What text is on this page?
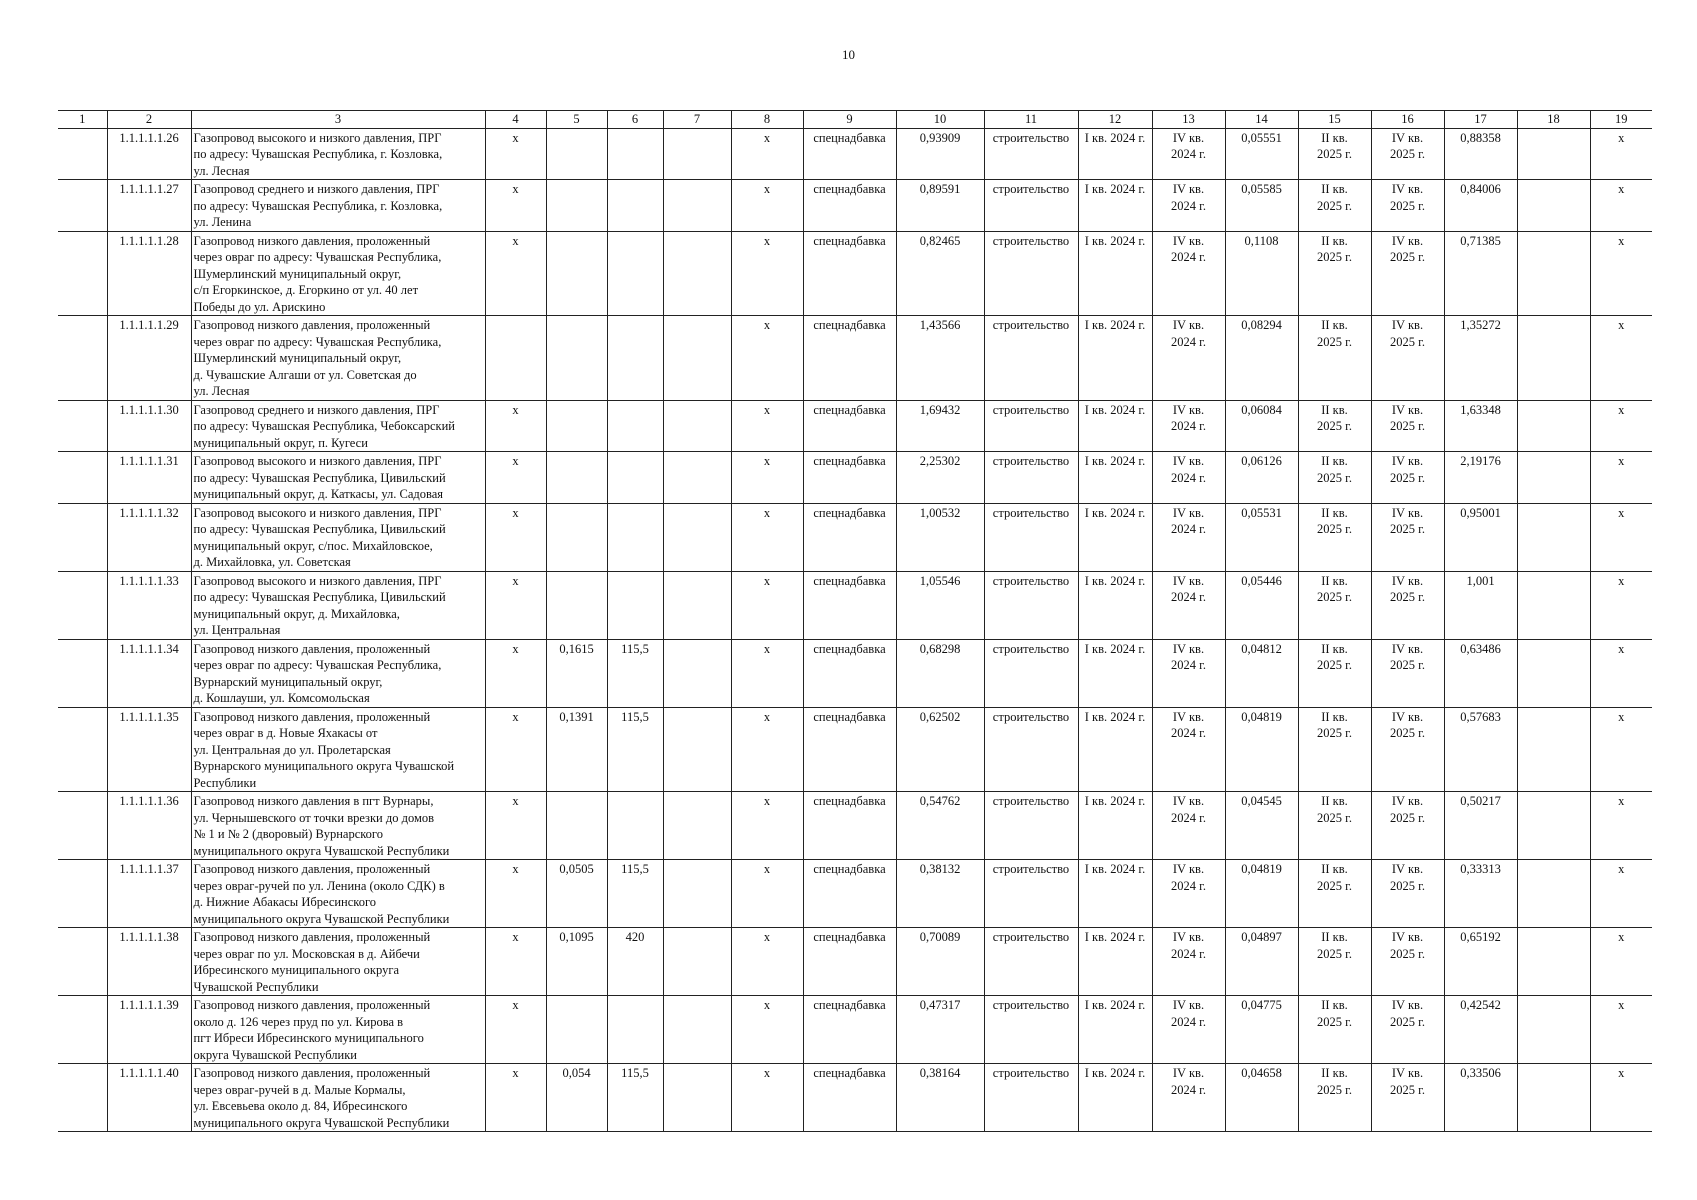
10
1	2	3	4	5	6	7	8	9	10	11	12	13	14	15	16	17	18	19
	1.1.1.1.1.26	Газопровод высокого и низкого давления, ПРГ
по адресу: Чувашская Республика, г. Козловка,
ул. Лесная	х				х	спецнадбавка	0,93909	строительство	I кв. 2024 г.	IV кв.
2024 г.	0,05551	II кв.
2025 г.	IV кв.
2025 г.	0,88358		х
	1.1.1.1.1.27	Газопровод среднего и низкого давления, ПРГ
по адресу: Чувашская Республика, г. Козловка,
ул. Ленина	х				х	спецнадбавка	0,89591	строительство	I кв. 2024 г.	IV кв.
2024 г.	0,05585	II кв.
2025 г.	IV кв.
2025 г.	0,84006		х
	1.1.1.1.1.28	Газопровод низкого давления, проложенный
через овраг по адресу: Чувашская Республика,
Шумерлинский муниципальный округ,
с/п Егоркинское, д. Егоркино от ул. 40 лет
Победы до ул. Арискино	х				х	спецнадбавка	0,82465	строительство	I кв. 2024 г.	IV кв.
2024 г.	0,1108	II кв.
2025 г.	IV кв.
2025 г.	0,71385		х
	1.1.1.1.1.29	Газопровод низкого давления, проложенный
через овраг по адресу: Чувашская Республика,
Шумерлинский муниципальный округ,
д. Чувашские Алгаши от ул. Советская до
ул. Лесная					х	спецнадбавка	1,43566	строительство	I кв. 2024 г.	IV кв.
2024 г.	0,08294	II кв.
2025 г.	IV кв.
2025 г.	1,35272		х
	1.1.1.1.1.30	Газопровод среднего и низкого давления, ПРГ
по адресу: Чувашская Республика, Чебоксарский
муниципальный округ, п. Кугеси	х				х	спецнадбавка	1,69432	строительство	I кв. 2024 г.	IV кв.
2024 г.	0,06084	II кв.
2025 г.	IV кв.
2025 г.	1,63348		х
	1.1.1.1.1.31	Газопровод высокого и низкого давления, ПРГ
по адресу: Чувашская Республика, Цивильский
муниципальный округ, д. Каткасы, ул. Садовая	х				х	спецнадбавка	2,25302	строительство	I кв. 2024 г.	IV кв.
2024 г.	0,06126	II кв.
2025 г.	IV кв.
2025 г.	2,19176		х
	1.1.1.1.1.32	Газопровод высокого и низкого давления, ПРГ
по адресу: Чувашская Республика, Цивильский
муниципальный округ, с/пос. Михайловское,
д. Михайловка, ул. Советская	х				х	спецнадбавка	1,00532	строительство	I кв. 2024 г.	IV кв.
2024 г.	0,05531	II кв.
2025 г.	IV кв.
2025 г.	0,95001		х
	1.1.1.1.1.33	Газопровод высокого и низкого давления, ПРГ
по адресу: Чувашская Республика, Цивильский
муниципальный округ, д. Михайловка,
ул. Центральная	х				х	спецнадбавка	1,05546	строительство	I кв. 2024 г.	IV кв.
2024 г.	0,05446	II кв.
2025 г.	IV кв.
2025 г.	1,001		х
	1.1.1.1.1.34	Газопровод низкого давления, проложенный
через овраг по адресу: Чувашская Республика,
Вурнарский муниципальный округ,
д. Кошлауши, ул. Комсомольская	х	0,1615	115,5		х	спецнадбавка	0,68298	строительство	I кв. 2024 г.	IV кв.
2024 г.	0,04812	II кв.
2025 г.	IV кв.
2025 г.	0,63486		х
	1.1.1.1.1.35	Газопровод низкого давления, проложенный
через овраг в д. Новые Яхакасы от
ул. Центральная до ул. Пролетарская
Вурнарского муниципального округа Чувашской
Республики	х	0,1391	115,5		х	спецнадбавка	0,62502	строительство	I кв. 2024 г.	IV кв.
2024 г.	0,04819	II кв.
2025 г.	IV кв.
2025 г.	0,57683		х
	1.1.1.1.1.36	Газопровод низкого давления в пгт Вурнары,
ул. Чернышевского от точки врезки до домов
№ 1 и № 2 (дворовый) Вурнарского
муниципального округа Чувашской Республики	х				х	спецнадбавка	0,54762	строительство	I кв. 2024 г.	IV кв.
2024 г.	0,04545	II кв.
2025 г.	IV кв.
2025 г.	0,50217		х
	1.1.1.1.1.37	Газопровод низкого давления, проложенный
через овраг-ручей по ул. Ленина (около СДК) в
д. Нижние Абакасы Ибресинского
муниципального округа Чувашской Республики	х	0,0505	115,5		х	спецнадбавка	0,38132	строительство	I кв. 2024 г.	IV кв.
2024 г.	0,04819	II кв.
2025 г.	IV кв.
2025 г.	0,33313		х
	1.1.1.1.1.38	Газопровод низкого давления, проложенный
через овраг по ул. Московская в д. Айбечи
Ибресинского муниципального округа
Чувашской Республики	х	0,1095	420		х	спецнадбавка	0,70089	строительство	I кв. 2024 г.	IV кв.
2024 г.	0,04897	II кв.
2025 г.	IV кв.
2025 г.	0,65192		х
	1.1.1.1.1.39	Газопровод низкого давления, проложенный
около д. 126 через пруд по ул. Кирова в
пгт Ибреси Ибресинского муниципального
округа Чувашской Республики	х				х	спецнадбавка	0,47317	строительство	I кв. 2024 г.	IV кв.
2024 г.	0,04775	II кв.
2025 г.	IV кв.
2025 г.	0,42542		х
	1.1.1.1.1.40	Газопровод низкого давления, проложенный
через овраг-ручей в д. Малые Кормалы,
ул. Евсевьева около д. 84, Ибресинского
муниципального округа Чувашской Республики	х	0,054	115,5		х	спецнадбавка	0,38164	строительство	I кв. 2024 г.	IV кв.
2024 г.	0,04658	II кв.
2025 г.	IV кв.
2025 г.	0,33506		х
